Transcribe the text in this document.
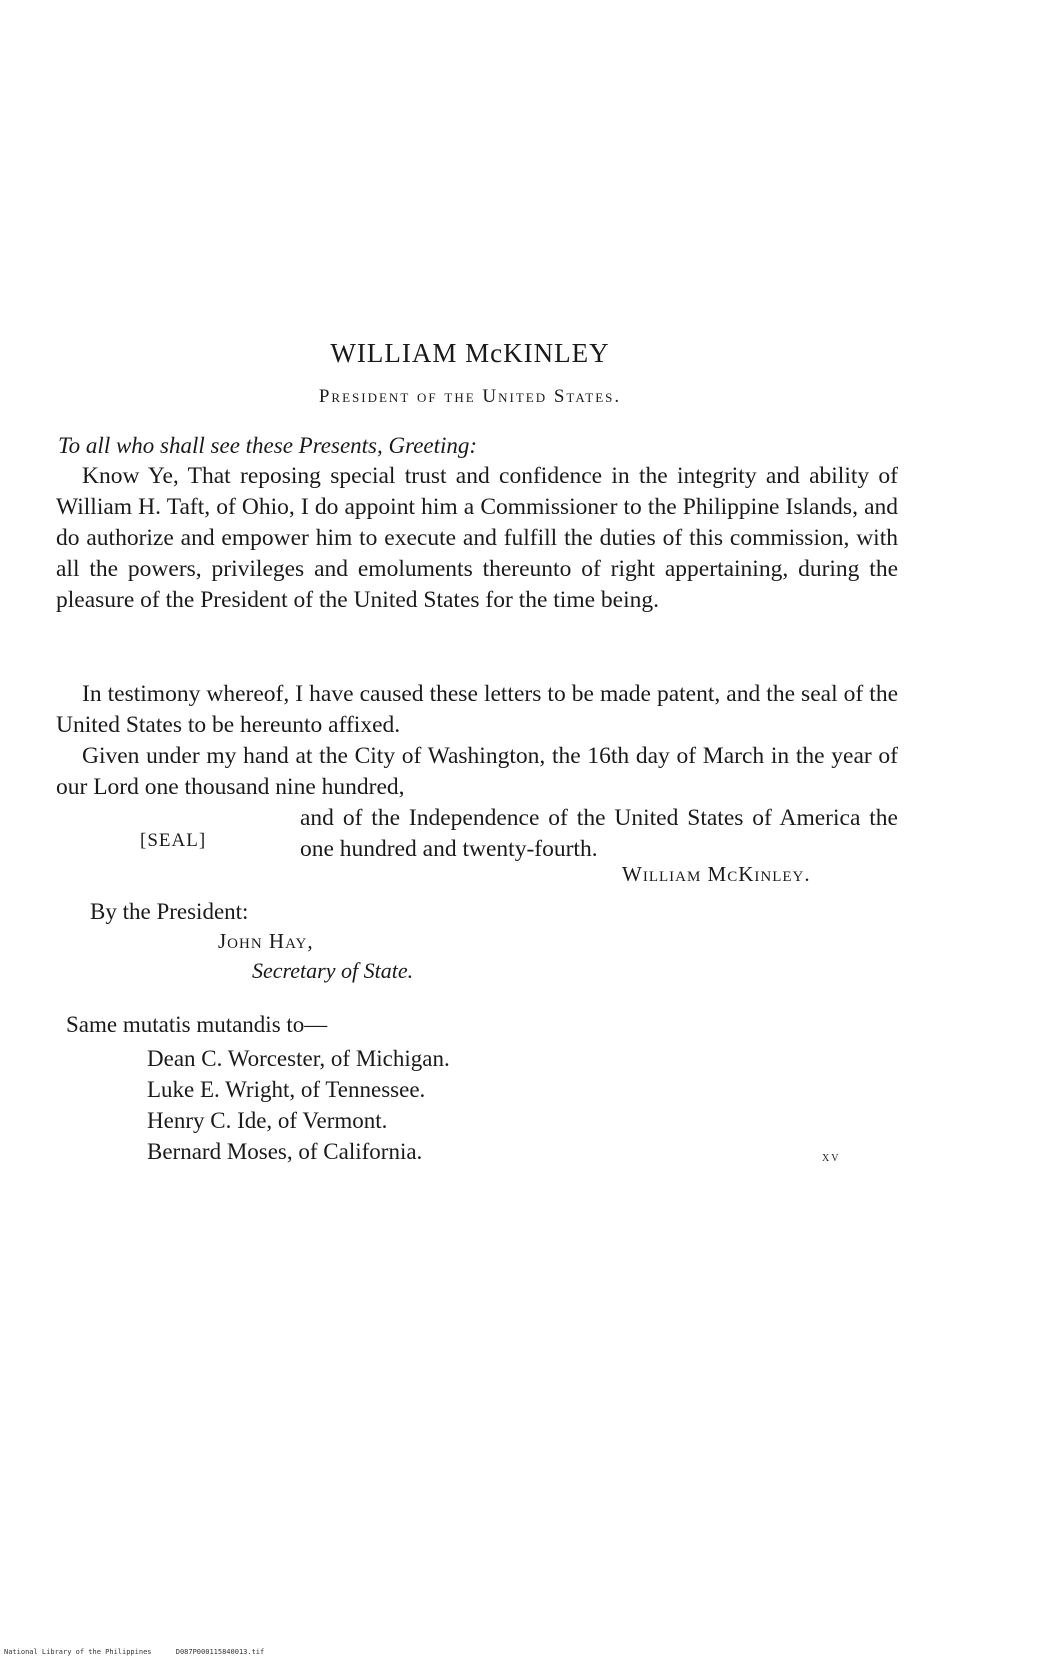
WILLIAM McKINLEY
President of the United States.
To all who shall see these Presents, Greeting:

Know Ye, That reposing special trust and confidence in the integrity and ability of William H. Taft, of Ohio, I do appoint him a Commissioner to the Philippine Islands, and do authorize and empower him to execute and fulfill the duties of this commission, with all the powers, privileges and emoluments thereunto of right appertaining, during the pleasure of the President of the United States for the time being.

In testimony whereof, I have caused these letters to be made patent, and the seal of the United States to be hereunto affixed.

Given under my hand at the City of Washington, the 16th day of March in the year of our Lord one thousand nine hundred,

and of the Independence of the United States of America the one hundred and twenty-fourth.

[SEAL]
William McKinley.
By the President:
John Hay,
Secretary of State.
Same mutatis mutandis to—
Dean C. Worcester, of Michigan.
Luke E. Wright, of Tennessee.
Henry C. Ide, of Vermont.
Bernard Moses, of California.	xv
National Library of the Philippines	D087P000115840013.tif
